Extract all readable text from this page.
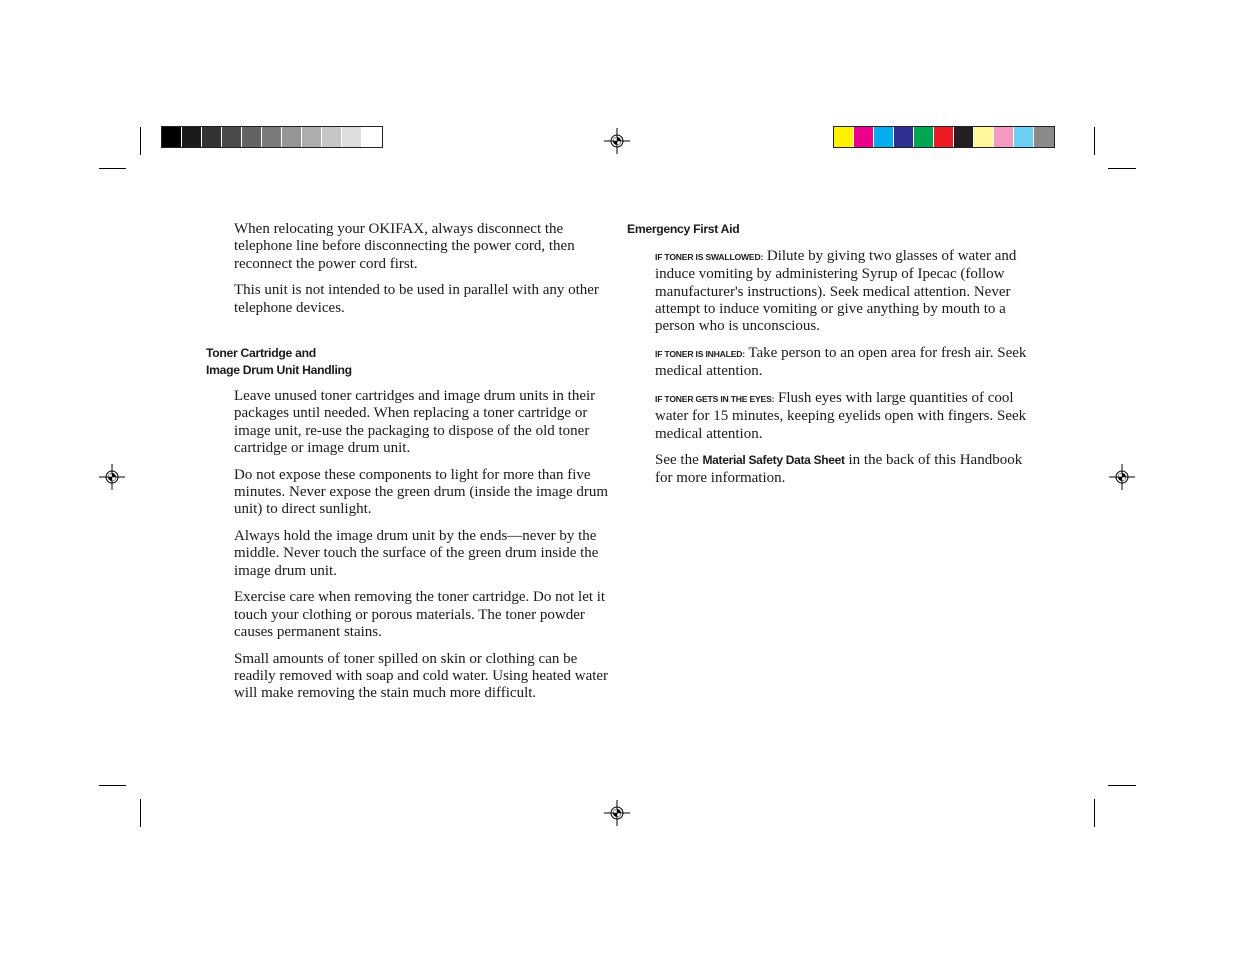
When relocating your OKIFAX, always disconnect the telephone line before disconnecting the power cord, then reconnect the power cord first.

This unit is not intended to be used in parallel with any other telephone devices.

Toner Cartridge and

Image Drum Unit Handling

Leave unused toner cartridges and image drum units in their packages until needed. When replacing a toner cartridge or image unit, re-use the packaging to dispose of the old toner cartridge or image drum unit.

Do not expose these components to light for more than five minutes. Never expose the green drum (inside the image drum unit) to direct sunlight.

Always hold the image drum unit by the ends—never by the middle. Never touch the surface of the green drum inside the image drum unit.

Exercise care when removing the toner cartridge. Do not let it touch your clothing or porous materials. The toner powder causes permanent stains.

Small amounts of toner spilled on skin or clothing can be readily removed with soap and cold water. Using heated water will make removing the stain much more difficult.

Emergency First Aid

IF TONER IS SWALLOWED: Dilute by giving two glasses of water and induce vomiting by administering Syrup of Ipecac (follow manufacturer's instructions). Seek medical attention. Never attempt to induce vomiting or give anything by mouth to a person who is unconscious.

IF TONER IS INHALED: Take person to an open area for fresh air. Seek medical attention.

IF TONER GETS IN THE EYES: Flush eyes with large quantities of cool water for 15 minutes, keeping eyelids open with fingers. Seek medical attention.

See the Material Safety Data Sheet in the back of this Handbook for more information.
